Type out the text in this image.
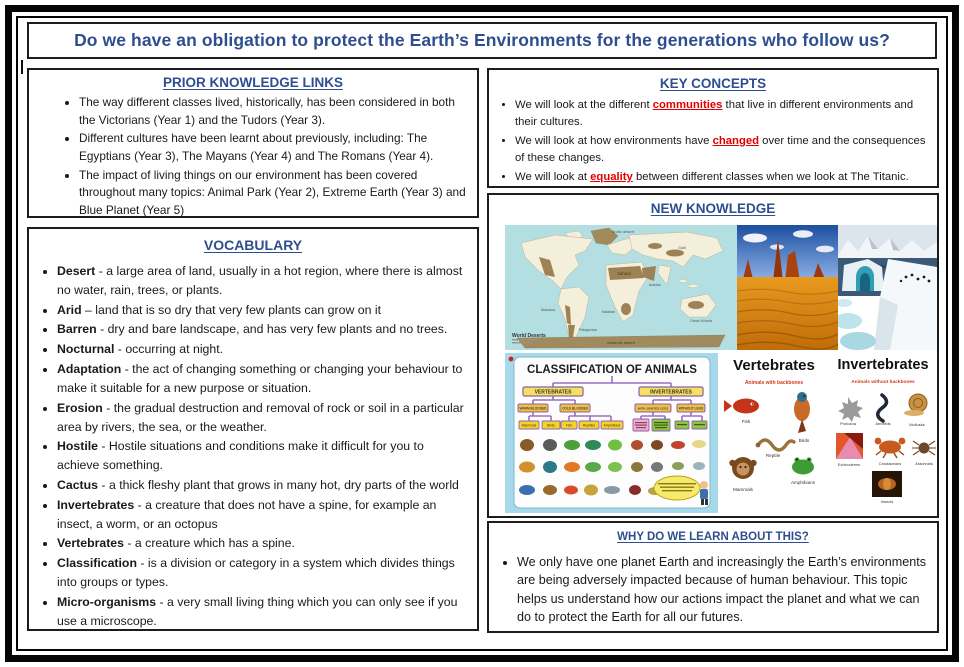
Do we have an obligation to protect the Earth’s Environments for the generations who follow us?
PRIOR KNOWLEDGE LINKS
• The way different classes lived, historically, has been considered in both the Victorians (Year 1) and the Tudors (Year 3).
• Different cultures have been learnt about previously, including: The Egyptians (Year 3), The Mayans (Year 4) and The Romans (Year 4).
• The impact of living things on our environment has been covered throughout many topics: Animal Park (Year 2), Extreme Earth (Year 3) and Blue Planet (Year 5)
VOCABULARY
• Desert - a large area of land, usually in a hot region, where there is almost no water, rain, trees, or plants.
• Arid – land that is so dry that very few plants can grow on it
• Barren - dry and bare landscape, and has very few plants and no trees.
• Nocturnal - occurring at night.
• Adaptation - the act of changing something or changing your behaviour to make it suitable for a new purpose or situation.
• Erosion - the gradual destruction and removal of rock or soil in a particular area by rivers, the sea, or the weather.
• Hostile - Hostile situations and conditions make it difficult for you to achieve something.
• Cactus - a thick fleshy plant that grows in many hot, dry parts of the world
• Invertebrates - a creature that does not have a spine, for example an insect, a worm, or an octopus
• Vertebrates - a creature which has a spine.
• Classification - is a division or category in a system which divides things into groups or types.
• Micro-organisms - a very small living thing which you can only see if you use a microscope.
KEY CONCEPTS
• We will look at the different communities that live in different environments and their cultures.
• We will look at how environments have changed over time and the consequences of these changes.
• We will look at equality between different classes when we look at The Titanic.
NEW KNOWLEDGE
Arctic desert
Sahara
Arabian
Gobi
Kalahari
Atacama
Patagonian
Great Victoria
Antarctic desert
World Deserts
CLASSIFICATION OF ANIMALS
VERTEBRATES	INVERTEBRATES
WARM BLOODED	COLD BLOODED	WITH JOINTED LEGS	WITHOUT LEGS
Mammals	Birds	Fish	Reptiles	Amphibians
Vertebrates
Animals with backbones
Fish
Birds
Reptile
Mammals
Amphibians
Invertebrates
Animals without backbones
Protozoa	Annelids	Mollusks
Echinoderms	Crustaceans	Arachnids
Insects
WHY DO WE LEARN ABOUT THIS?
• We only have one planet Earth and increasingly the Earth’s environments are being adversely impacted because of human behaviour. This topic helps us understand how our actions impact the planet and what we can do to protect the Earth for all our futures.
